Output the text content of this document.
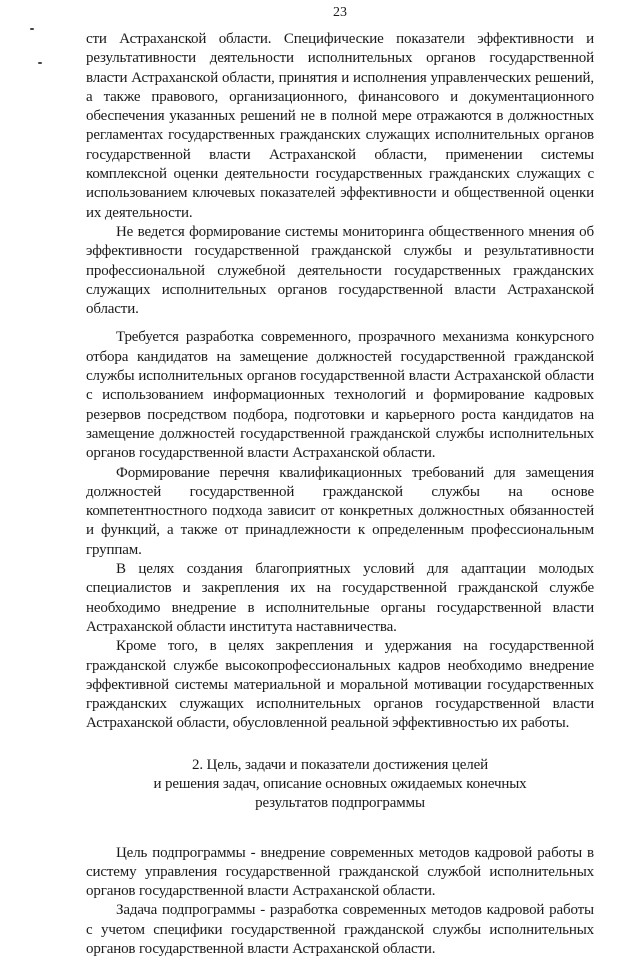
23

сти Астраханской области. Специфические показатели эффективности и результативности деятельности исполнительных органов государственной власти Астраханской области, принятия и исполнения управленческих решений, а также правового, организационного, финансового и документационного обеспечения указанных решений не в полной мере отражаются в должностных регламентах государственных гражданских служащих исполнительных органов государственной власти Астраханской области, применении системы комплексной оценки деятельности государственных гражданских служащих с использованием ключевых показателей эффективности и общественной оценки их деятельности.

Не ведется формирование системы мониторинга общественного мнения об эффективности государственной гражданской службы и результативности профессиональной служебной деятельности государственных гражданских служащих исполнительных органов государственной власти Астраханской области.

Требуется разработка современного, прозрачного механизма конкурсного отбора кандидатов на замещение должностей государственной гражданской службы исполнительных органов государственной власти Астраханской области с использованием информационных технологий и формирование кадровых резервов посредством подбора, подготовки и карьерного роста кандидатов на замещение должностей государственной гражданской службы исполнительных органов государственной власти Астраханской области.

Формирование перечня квалификационных требований для замещения должностей государственной гражданской службы на основе компетентностного подхода зависит от конкретных должностных обязанностей и функций, а также от принадлежности к определенным профессиональным группам.

В целях создания благоприятных условий для адаптации молодых специалистов и закрепления их на государственной гражданской службе необходимо внедрение в исполнительные органы государственной власти Астраханской области института наставничества.

Кроме того, в целях закрепления и удержания на государственной гражданской службе высокопрофессиональных кадров необходимо внедрение эффективной системы материальной и моральной мотивации государственных гражданских служащих исполнительных органов государственной власти Астраханской области, обусловленной реальной эффективностью их работы.

2. Цель, задачи и показатели достижения целей
и решения задач, описание основных ожидаемых конечных
результатов подпрограммы

Цель подпрограммы - внедрение современных методов кадровой работы в систему управления государственной гражданской службой исполнительных органов государственной власти Астраханской области.

Задача подпрограммы - разработка современных методов кадровой работы с учетом специфики государственной гражданской службы исполнительных органов государственной власти Астраханской области.
